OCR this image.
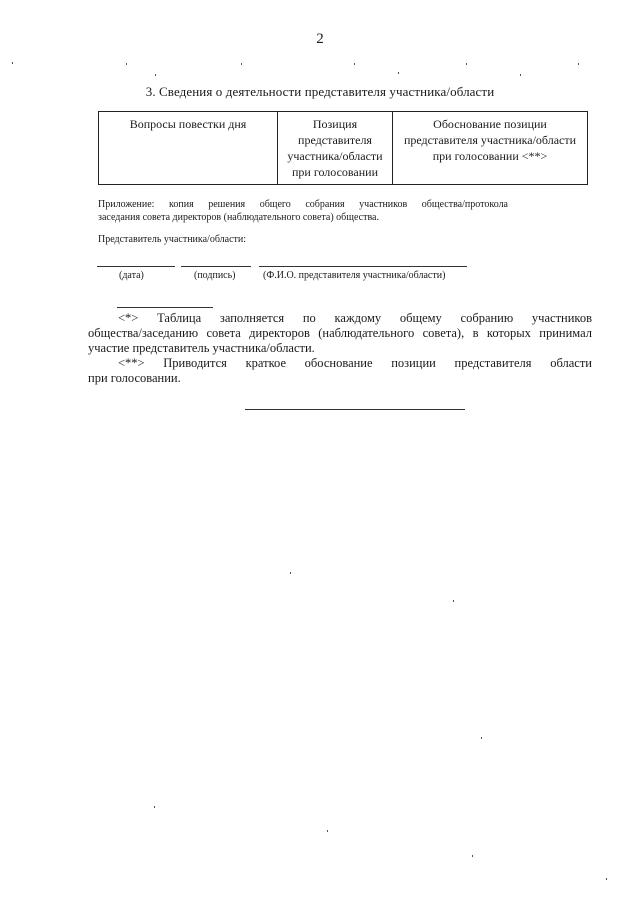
2
3. Сведения о деятельности представителя участника/области
Вопросы повестки дня	Позиция представителя участника/области при голосовании	Обоснование позиции представителя участника/области при голосовании <**>
Приложение: копия решения общего собрания участников общества/протокола
заседания совета директоров (наблюдательного совета) общества.
Представитель участника/области:
(дата)	(подпись)	(Ф.И.О. представителя участника/области)
<*> Таблица заполняется по каждому общему собранию участников
общества/заседанию совета директоров (наблюдательного совета), в которых принимал
участие представитель участника/области.
<**> Приводится краткое обоснование позиции представителя области
при голосовании.
